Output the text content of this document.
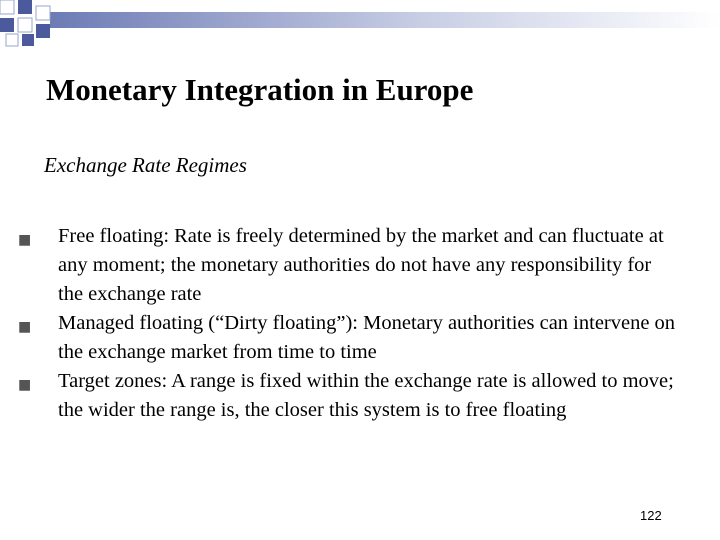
Monetary Integration in Europe
Exchange Rate Regimes
■ Free floating: Rate is freely determined by the market and can fluctuate at any moment; the monetary authorities do not have any responsibility for the exchange rate
■ Managed floating (“Dirty floating”): Monetary authorities can intervene on the exchange market from time to time
■ Target zones: A range is fixed within the exchange rate is allowed to move; the wider the range is, the closer this system is to free floating
122
